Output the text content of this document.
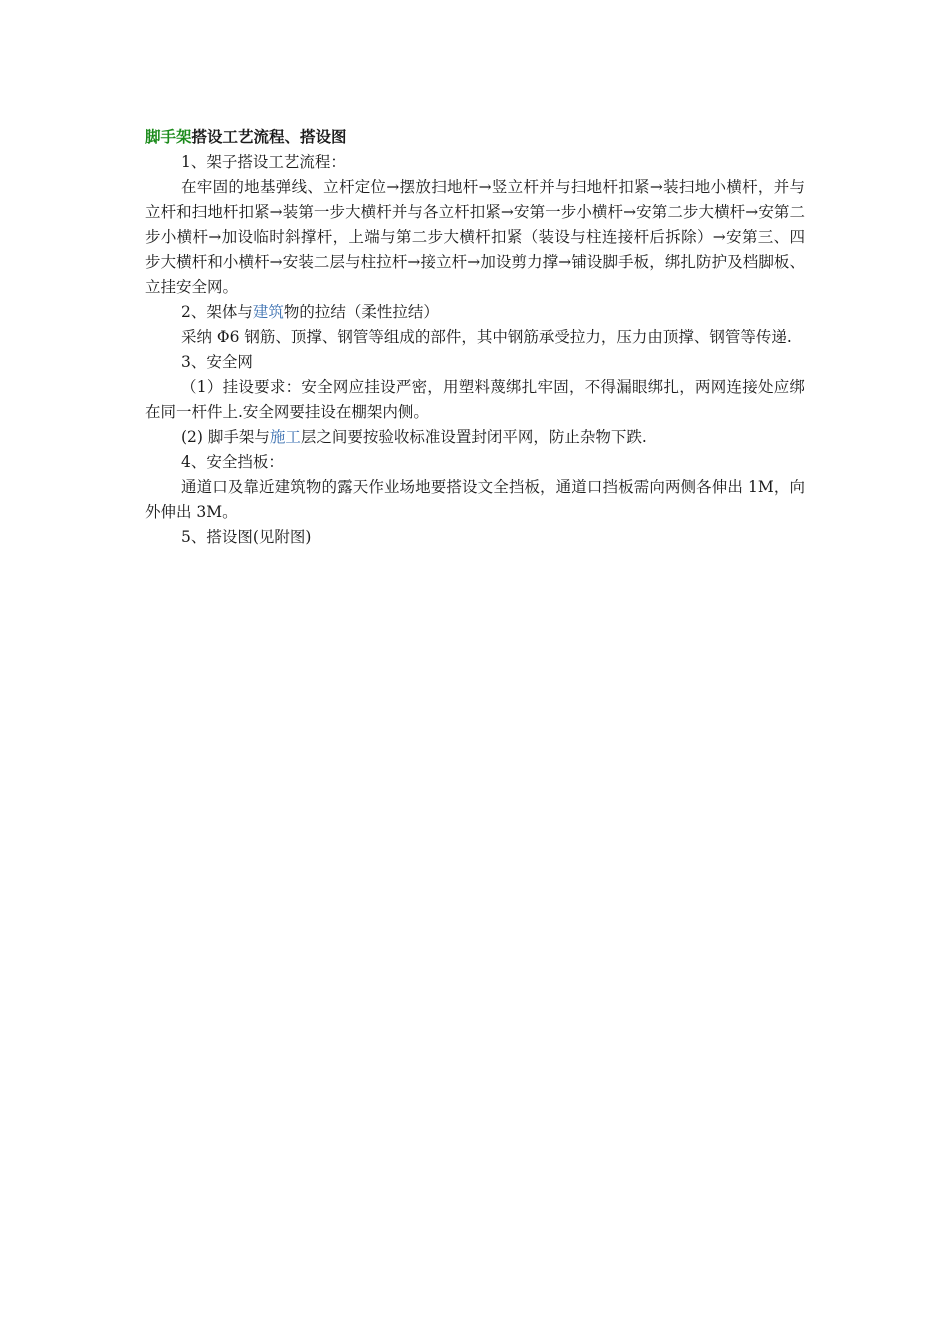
脚手架搭设工艺流程、搭设图

1、架子搭设工艺流程：

在牢固的地基弹线、立杆定位→摆放扫地杆→竖立杆并与扫地杆扣紧→装扫地小横杆，并与立杆和扫地杆扣紧→装第一步大横杆并与各立杆扣紧→安第一步小横杆→安第二步大横杆→安第二步小横杆→加设临时斜撑杆，上端与第二步大横杆扣紧（装设与柱连接杆后拆除）→安第三、四步大横杆和小横杆→安装二层与柱拉杆→接立杆→加设剪力撑→铺设脚手板，绑扎防护及档脚板、立挂安全网。

2、架体与建筑物的拉结（柔性拉结）

采纳 Φ6 钢筋、顶撑、钢管等组成的部件，其中钢筋承受拉力，压力由顶撑、钢管等传递.

3、安全网

（1）挂设要求：安全网应挂设严密，用塑料蔑绑扎牢固，不得漏眼绑扎，两网连接处应绑在同一杆件上.安全网要挂设在棚架内侧。

(2) 脚手架与施工层之间要按验收标准设置封闭平网，防止杂物下跌.

4、安全挡板：

通道口及靠近建筑物的露天作业场地要搭设文全挡板，通道口挡板需向两侧各伸出 1M，向外伸出 3M。

5、搭设图(见附图)
